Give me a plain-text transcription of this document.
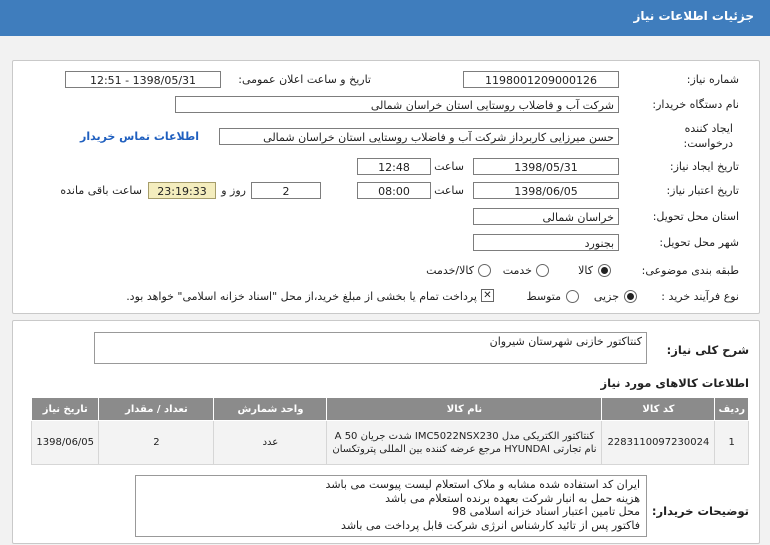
جزئیات اطلاعات نیاز
شماره نیاز:
1198001209000126
تاریخ و ساعت اعلان عمومی:
1398/05/31 - 12:51
نام دستگاه خریدار:
شرکت آب و فاضلاب روستایی استان خراسان شمالی
ایجاد کننده
درخواست:
حسن میرزایی کاربرداز شرکت آب و فاضلاب روستایی استان خراسان شمالی
اطلاعات تماس خریدار
تاریخ ایجاد نیاز:
1398/05/31
ساعت
12:48
تاریخ اعتبار نیاز:
1398/06/05
ساعت
08:00
2
روز و
23:19:33
ساعت باقی مانده
استان محل تحویل:
خراسان شمالی
شهر محل تحویل:
بجنورد
طبقه بندی موضوعی:
کالا
خدمت
کالا/خدمت
نوع فرآیند خرید :
جزیی
متوسط
✕
پرداخت تمام یا بخشی از مبلغ خرید،از محل "اسناد خزانه اسلامی" خواهد بود.
شرح کلی نیاز:
کنتاکتور خازنی شهرستان شیروان
اطلاعات کالاهای مورد نیاز
ردیف	کد کالا	نام کالا	واحد شمارش	تعداد / مقدار	تاریخ نیاز
1	2283110097230024	کنتاکتور الکتریکی مدل IMC5022NSX230 شدت جریان A 50 نام تجارتی HYUNDAI مرجع عرضه کننده بین المللی پتروتکسان	عدد	2	1398/06/05
توضیحات خریدار:
ایران کد استفاده شده مشابه و ملاک استعلام لیست پیوست می باشد
هزینه حمل به انبار شرکت بعهده برنده استعلام می باشد
محل تامین اعتبار اسناد خزانه اسلامی 98
فاکتور پس از تائید کارشناس انرژی شرکت قابل پرداخت می باشد
